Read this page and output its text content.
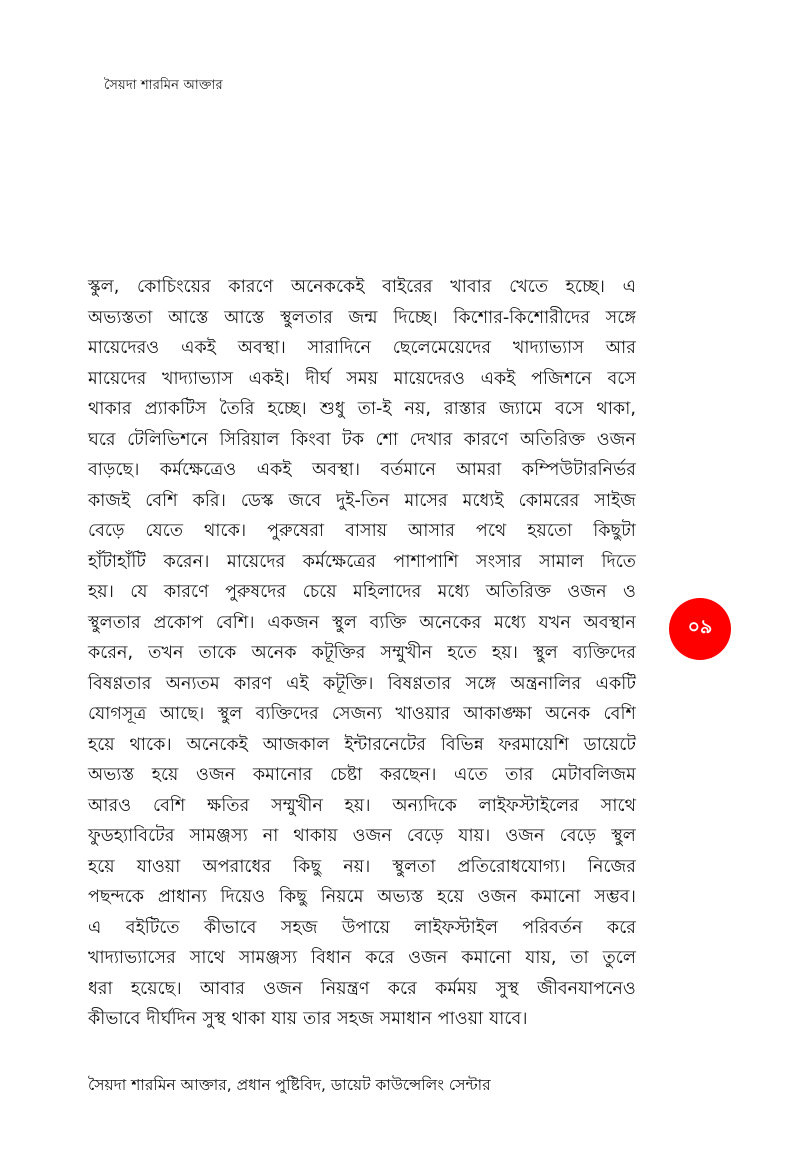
সৈয়দা শারমিন আক্তার
স্কুল, কোচিংয়ের কারণে অনেককেই বাইরের খাবার খেতে হচ্ছে। এ
অভ্যস্ততা আস্তে আস্তে স্থুলতার জন্ম দিচ্ছে। কিশোর-কিশোরীদের সঙ্গে
মায়েদেরও একই অবস্থা। সারাদিনে ছেলেমেয়েদের খাদ্যাভ্যাস আর
মায়েদের খাদ্যাভ্যাস একই। দীর্ঘ সময় মায়েদেরও একই পজিশনে বসে
থাকার প্র্যাকটিস তৈরি হচ্ছে। শুধু তা-ই নয়, রাস্তার জ্যামে বসে থাকা,
ঘরে টেলিভিশনে সিরিয়াল কিংবা টক শো দেখার কারণে অতিরিক্ত ওজন
বাড়ছে। কর্মক্ষেত্রেও একই অবস্থা। বর্তমানে আমরা কম্পিউটারনির্ভর
কাজই বেশি করি। ডেস্ক জবে দুই-তিন মাসের মধ্যেই কোমরের সাইজ
বেড়ে যেতে থাকে। পুরুষেরা বাসায় আসার পথে হয়তো কিছুটা
হাঁটাহাঁটি করেন। মায়েদের কর্মক্ষেত্রের পাশাপাশি সংসার সামাল দিতে
হয়। যে কারণে পুরুষদের চেয়ে মহিলাদের মধ্যে অতিরিক্ত ওজন ও
স্থুলতার প্রকোপ বেশি। একজন স্থুল ব্যক্তি অনেকের মধ্যে যখন অবস্থান
করেন, তখন তাকে অনেক কটূক্তির সম্মুখীন হতে হয়। স্থুল ব্যক্তিদের
বিষণ্ণতার অন্যতম কারণ এই কটূক্তি। বিষণ্ণতার সঙ্গে অন্ত্রনালির একটি
যোগসূত্র আছে। স্থুল ব্যক্তিদের সেজন্য খাওয়ার আকাঙ্ক্ষা অনেক বেশি
হয়ে থাকে। অনেকেই আজকাল ইন্টারনেটের বিভিন্ন ফরমায়েশি ডায়েটে
অভ্যস্ত হয়ে ওজন কমানোর চেষ্টা করছেন। এতে তার মেটাবলিজম
আরও বেশি ক্ষতির সম্মুখীন হয়। অন্যদিকে লাইফস্টাইলের সাথে
ফুডহ্যাবিটের সামঞ্জস্য না থাকায় ওজন বেড়ে যায়। ওজন বেড়ে স্থুল
হয়ে যাওয়া অপরাধের কিছু নয়। স্থুলতা প্রতিরোধযোগ্য। নিজের
পছন্দকে প্রাধান্য দিয়েও কিছু নিয়মে অভ্যস্ত হয়ে ওজন কমানো সম্ভব।
এ বইটিতে কীভাবে সহজ উপায়ে লাইফস্টাইল পরিবর্তন করে
খাদ্যাভ্যাসের সাথে সামঞ্জস্য বিধান করে ওজন কমানো যায়, তা তুলে
ধরা হয়েছে। আবার ওজন নিয়ন্ত্রণ করে কর্মময় সুস্থ জীবনযাপনেও
কীভাবে দীর্ঘদিন সুস্থ থাকা যায় তার সহজ সমাধান পাওয়া যাবে।
০৯
সৈয়দা শারমিন আক্তার, প্রধান পুষ্টিবিদ, ডায়েট কাউন্সেলিং সেন্টার
